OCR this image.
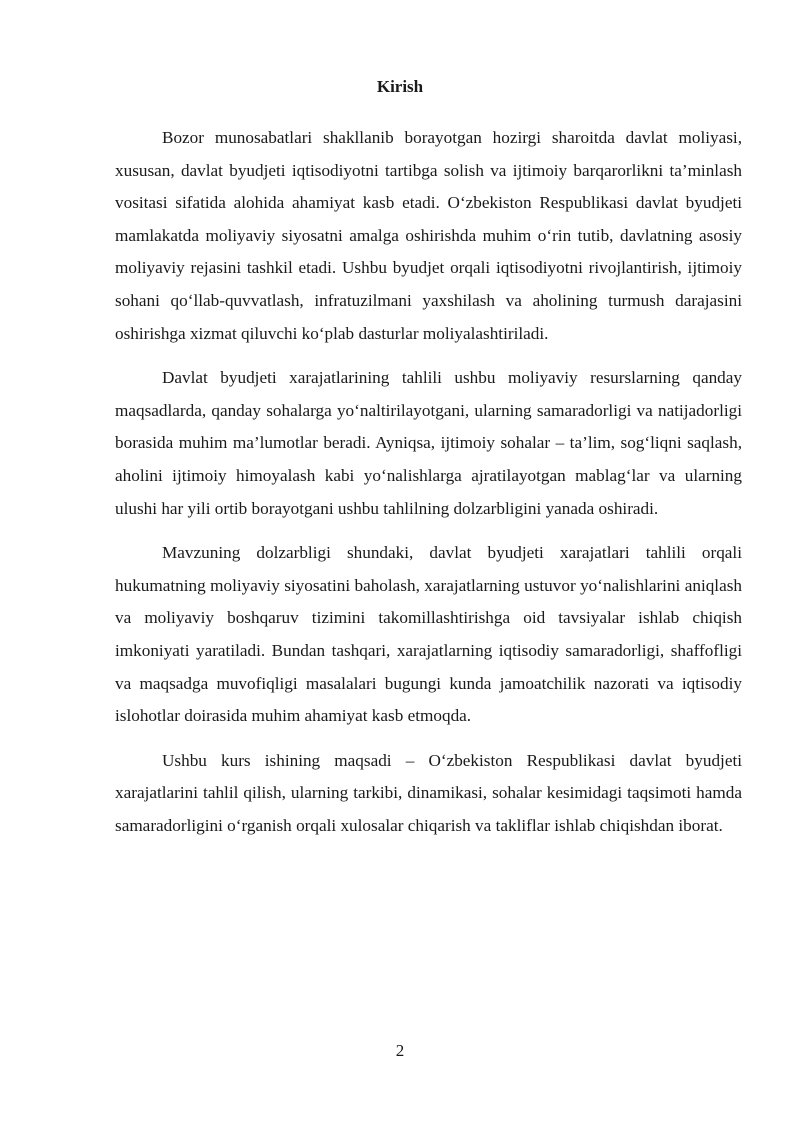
Kirish

Bozor munosabatlari shakllanib borayotgan hozirgi sharoitda davlat moliyasi, xususan, davlat byudjeti iqtisodiyotni tartibga solish va ijtimoiy barqarorlikni ta’minlash vositasi sifatida alohida ahamiyat kasb etadi. O‘zbekiston Respublikasi davlat byudjeti mamlakatda moliyaviy siyosatni amalga oshirishda muhim o‘rin tutib, davlatning asosiy moliyaviy rejasini tashkil etadi. Ushbu byudjet orqali iqtisodiyotni rivojlantirish, ijtimoiy sohani qo‘llab-quvvatlash, infratuzilmani yaxshilash va aholining turmush darajasini oshirishga xizmat qiluvchi ko‘plab dasturlar moliyalashtiriladi.

Davlat byudjeti xarajatlarining tahlili ushbu moliyaviy resurslarning qanday maqsadlarda, qanday sohalarga yo‘naltirilayotgani, ularning samaradorligi va natijadorligi borasida muhim ma’lumotlar beradi. Ayniqsa, ijtimoiy sohalar – ta’lim, sog‘liqni saqlash, aholini ijtimoiy himoyalash kabi yo‘nalishlarga ajratilayotgan mablag‘lar va ularning ulushi har yili ortib borayotgani ushbu tahlilning dolzarbligini yanada oshiradi.

Mavzuning dolzarbligi shundaki, davlat byudjeti xarajatlari tahlili orqali hukumatning moliyaviy siyosatini baholash, xarajatlarning ustuvor yo‘nalishlarini aniqlash va moliyaviy boshqaruv tizimini takomillashtirishga oid tavsiyalar ishlab chiqish imkoniyati yaratiladi. Bundan tashqari, xarajatlarning iqtisodiy samaradorligi, shaffofligi va maqsadga muvofiqligi masalalari bugungi kunda jamoatchilik nazorati va iqtisodiy islohotlar doirasida muhim ahamiyat kasb etmoqda.

Ushbu kurs ishining maqsadi – O‘zbekiston Respublikasi davlat byudjeti xarajatlarini tahlil qilish, ularning tarkibi, dinamikasi, sohalar kesimidagi taqsimoti hamda samaradorligini o‘rganish orqali xulosalar chiqarish va takliflar ishlab chiqishdan iborat.

2
